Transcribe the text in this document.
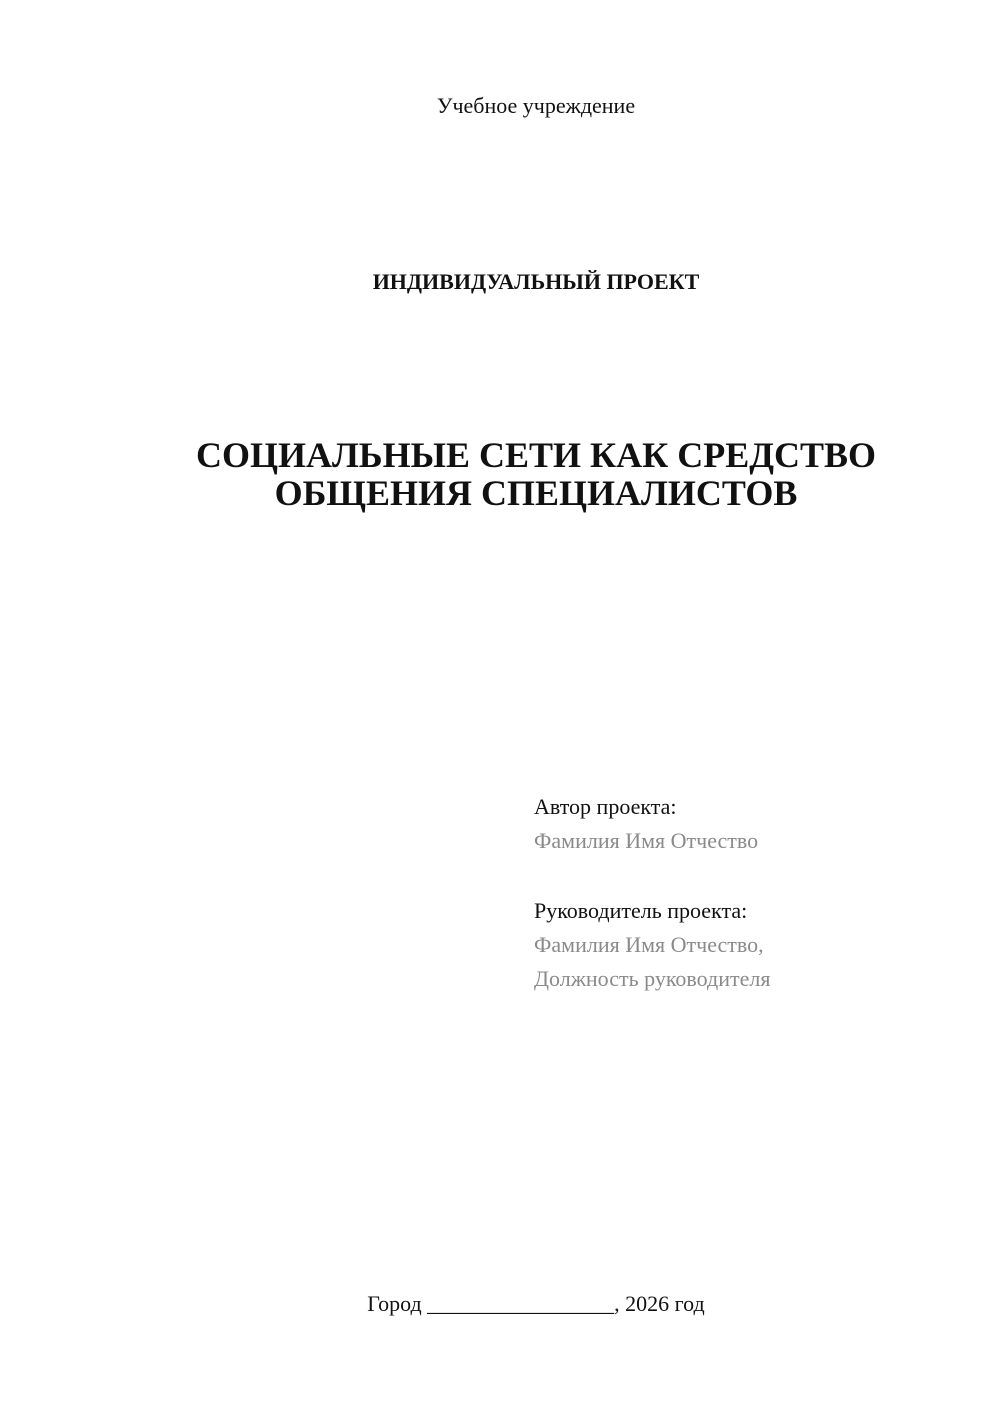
Учебное учреждение
ИНДИВИДУАЛЬНЫЙ ПРОЕКТ
СОЦИАЛЬНЫЕ СЕТИ КАК СРЕДСТВО
ОБЩЕНИЯ СПЕЦИАЛИСТОВ
Автор проекта:
Фамилия Имя Отчество
Руководитель проекта:
Фамилия Имя Отчество,
Должность руководителя
Город _________________, 2026 год
